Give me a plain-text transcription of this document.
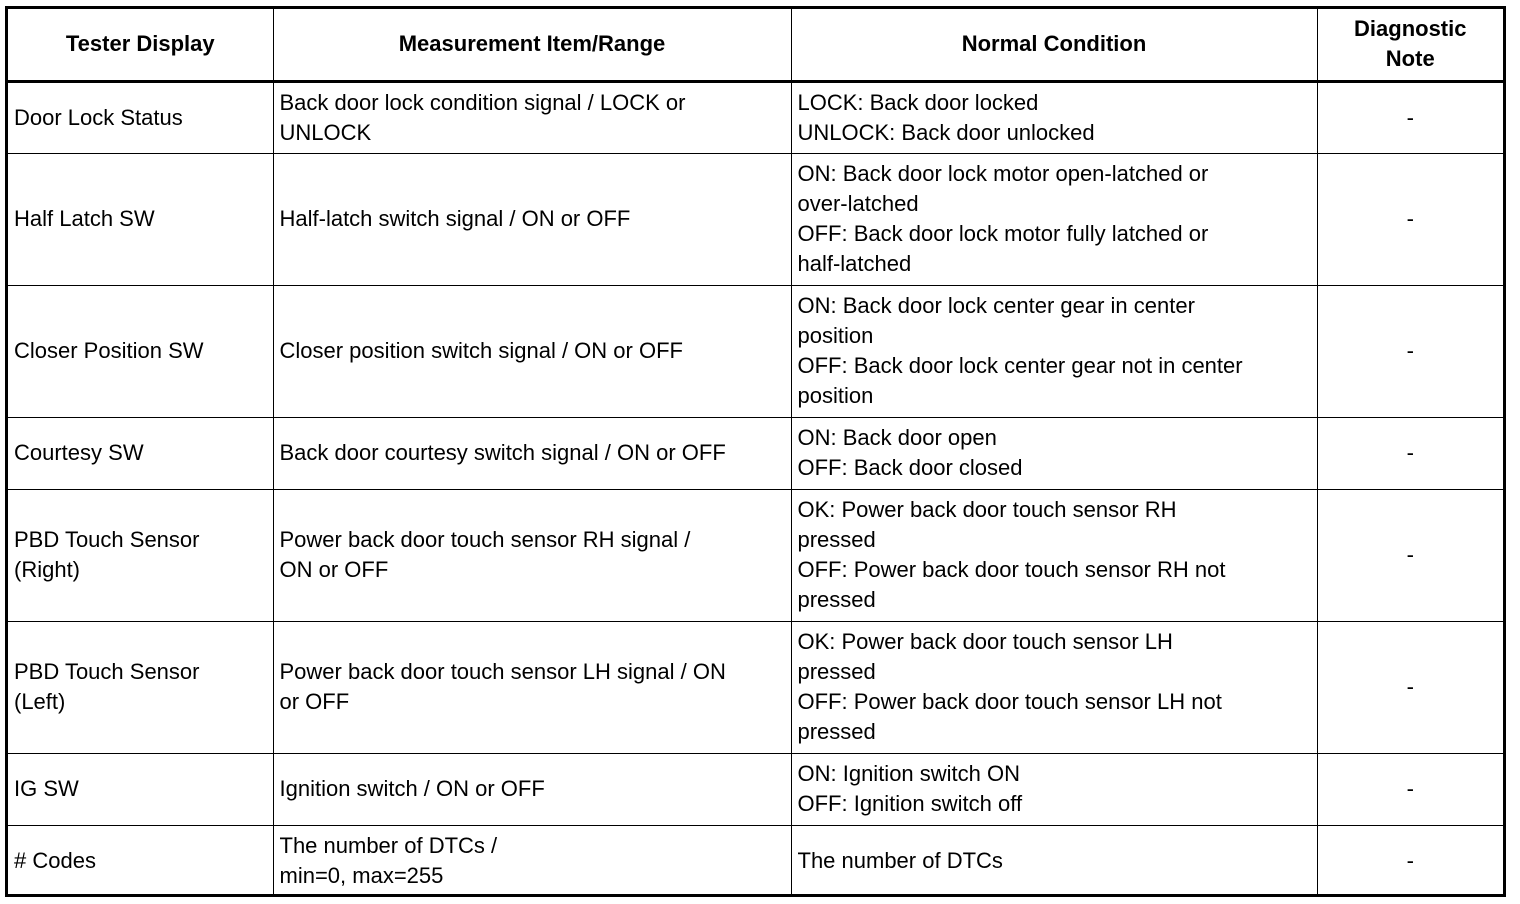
Tester Display	Measurement Item/Range	Normal Condition	Diagnostic
Note

Door Lock Status	Back door lock condition signal / LOCK or
UNLOCK	LOCK: Back door locked
UNLOCK: Back door unlocked	-

Half Latch SW	Half-latch switch signal / ON or OFF	ON: Back door lock motor open-latched or
over-latched
OFF: Back door lock motor fully latched or
half-latched	-

Closer Position SW	Closer position switch signal / ON or OFF	ON: Back door lock center gear in center
position
OFF: Back door lock center gear not in center
position	-

Courtesy SW	Back door courtesy switch signal / ON or OFF	ON: Back door open
OFF: Back door closed	-

PBD Touch Sensor
(Right)	Power back door touch sensor RH signal /
ON or OFF	OK: Power back door touch sensor RH
pressed
OFF: Power back door touch sensor RH not
pressed	-

PBD Touch Sensor
(Left)	Power back door touch sensor LH signal / ON
or OFF	OK: Power back door touch sensor LH
pressed
OFF: Power back door touch sensor LH not
pressed	-

IG SW	Ignition switch / ON or OFF	ON: Ignition switch ON
OFF: Ignition switch off	-

# Codes	The number of DTCs /
min=0, max=255	The number of DTCs	-
